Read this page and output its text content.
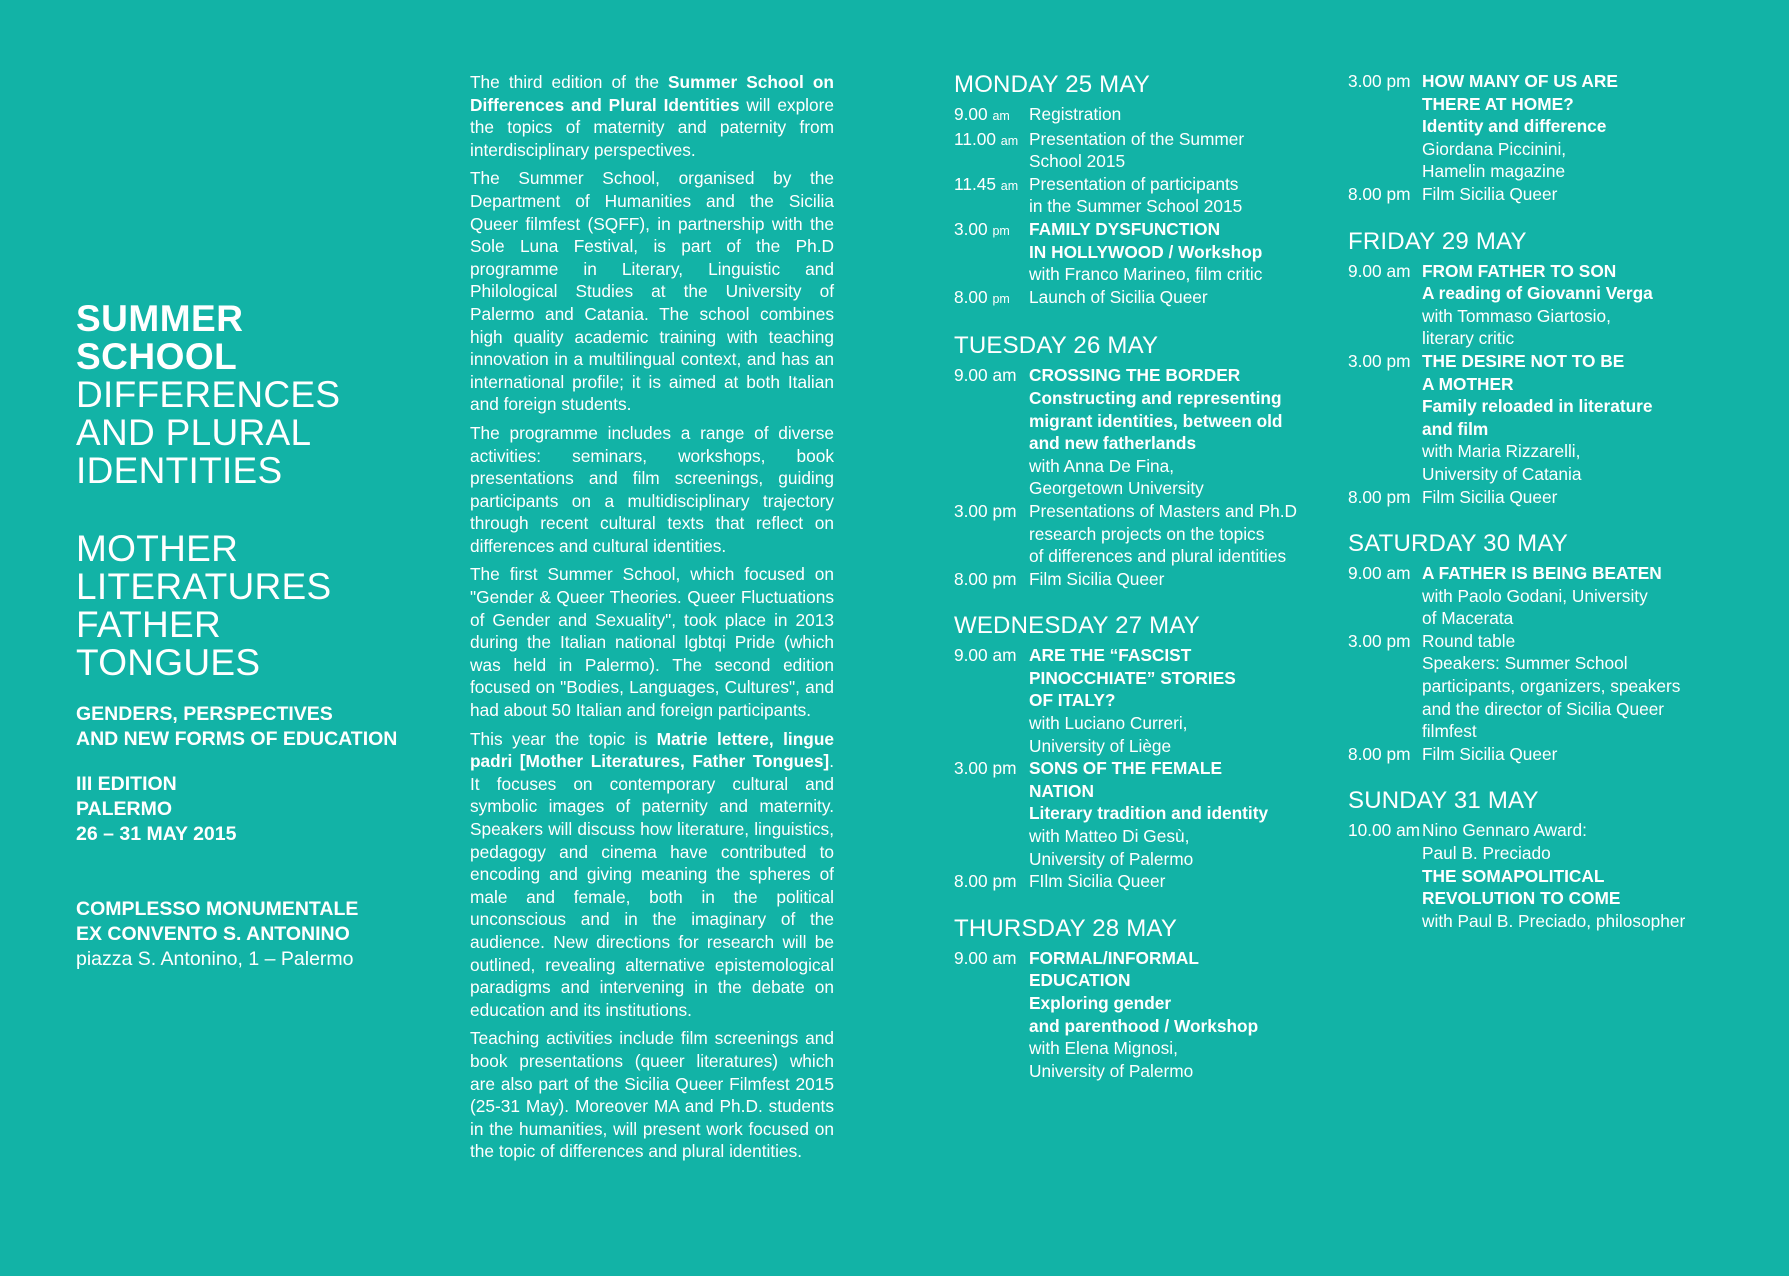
SUMMER
SCHOOL
DIFFERENCES
AND PLURAL
IDENTITIES
MOTHER
LITERATURES
FATHER
TONGUES
GENDERS, PERSPECTIVES
AND NEW FORMS OF EDUCATION
III EDITION
PALERMO
26 – 31 MAY 2015
COMPLESSO MONUMENTALE
EX CONVENTO S. ANTONINO
piazza S. Antonino, 1 – Palermo

The third edition of the Summer School on Differences and Plural Identities will explore the topics of maternity and paternity from interdisciplinary perspectives.

The Summer School, organised by the Department of Humanities and the Sicilia Queer filmfest (SQFF), in partnership with the Sole Luna Festival, is part of the Ph.D programme in Literary, Linguistic and Philological Studies at the University of Palermo and Catania. The school combines high quality academic training with teaching innovation in a multilingual context, and has an international profile; it is aimed at both Italian and foreign students.

The programme includes a range of diverse activities: seminars, workshops, book presentations and film screenings, guiding participants on a multidisciplinary trajectory through recent cultural texts that reflect on differences and cultural identities.

The first Summer School, which focused on "Gender & Queer Theories. Queer Fluctuations of Gender and Sexuality", took place in 2013 during the Italian national lgbtqi Pride (which was held in Palermo). The second edition focused on "Bodies, Languages, Cultures", and had about 50 Italian and foreign participants.

This year the topic is Matrie lettere, lingue padri [Mother Literatures, Father Tongues]. It focuses on contemporary cultural and symbolic images of paternity and maternity. Speakers will discuss how literature, linguistics, pedagogy and cinema have contributed to encoding and giving meaning the spheres of male and female, both in the political unconscious and in the imaginary of the audience. New directions for research will be outlined, revealing alternative epistemological paradigms and intervening in the debate on education and its institutions.

Teaching activities include film screenings and book presentations (queer literatures) which are also part of the Sicilia Queer Filmfest 2015 (25-31 May). Moreover MA and Ph.D. students in the humanities, will present work focused on the topic of differences and plural identities.

MONDAY 25 MAY
9.00 am	Registration
11.00 am Presentation of the Summer
School 2015
11.45 am Presentation of participants
in the Summer School 2015
3.00 pm	FAMILY DYSFUNCTION
IN HOLLYWOOD / Workshop
with Franco Marineo, film critic
8.00 pm	Launch of Sicilia Queer
TUESDAY 26 MAY
9.00 am CROSSING THE BORDER
Constructing and representing
migrant identities, between old
and new fatherlands
with Anna De Fina,
Georgetown University
3.00 pm Presentations of Masters and Ph.D
research projects on the topics
of differences and plural identities
8.00 pm Film Sicilia Queer
WEDNESDAY 27 MAY
9.00 am ARE THE “FASCIST
PINOCCHIATE” STORIES
OF ITALY?
with Luciano Curreri,
University of Liège
3.00 pm SONS OF THE FEMALE
NATION
Literary tradition and identity
with Matteo Di Gesù,
University of Palermo
8.00 pm FIlm Sicilia Queer
THURSDAY 28 MAY
9.00 am FORMAL/INFORMAL
EDUCATION
Exploring gender
and parenthood / Workshop
with Elena Mignosi,
University of Palermo
3.00 pm HOW MANY OF US ARE
THERE AT HOME?
Identity and difference
Giordana Piccinini,
Hamelin magazine
8.00 pm Film Sicilia Queer
FRIDAY 29 MAY
9.00 am FROM FATHER TO SON
A reading of Giovanni Verga
with Tommaso Giartosio,
literary critic
3.00 pm THE DESIRE NOT TO BE
A MOTHER
Family reloaded in literature
and film
with Maria Rizzarelli,
University of Catania
8.00 pm Film Sicilia Queer
SATURDAY 30 MAY
9.00 am A FATHER IS BEING BEATEN
with Paolo Godani, University
of Macerata
3.00 pm Round table
Speakers: Summer School
participants, organizers, speakers
and the director of Sicilia Queer
filmfest
8.00 pm Film Sicilia Queer
SUNDAY 31 MAY
10.00 am Nino Gennaro Award:
Paul B. Preciado
THE SOMAPOLITICAL
REVOLUTION TO COME
with Paul B. Preciado, philosopher
